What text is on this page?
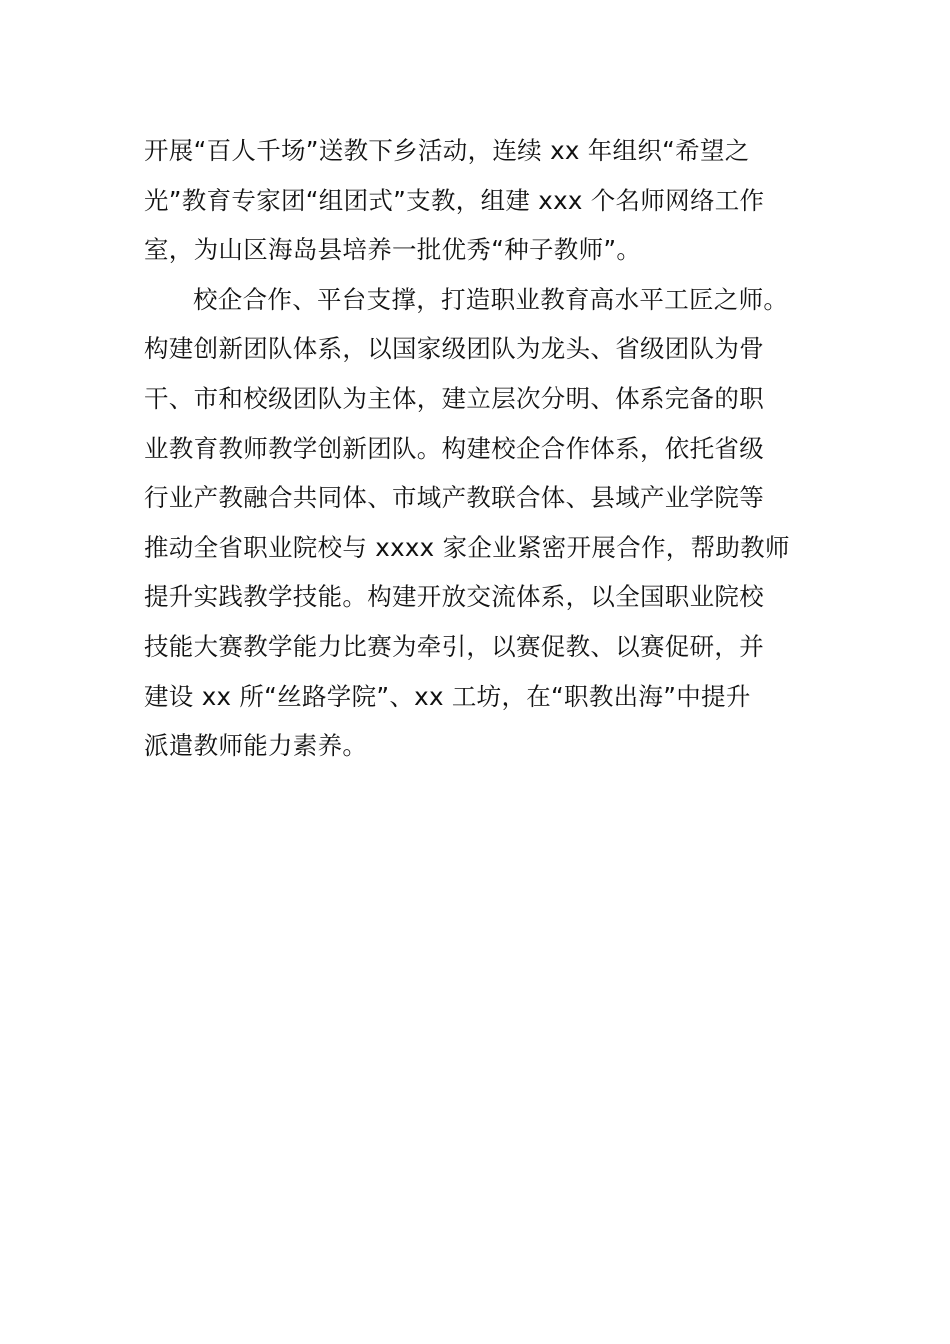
开展“百人千场”送教下乡活动，连续 xx 年组织“希望之
光”教育专家团“组团式”支教，组建 xxx 个名师网络工作
室，为山区海岛县培养一批优秀“种子教师”。
校企合作、平台支撑，打造职业教育高水平工匠之师。
构建创新团队体系，以国家级团队为龙头、省级团队为骨
干、市和校级团队为主体，建立层次分明、体系完备的职
业教育教师教学创新团队。构建校企合作体系，依托省级
行业产教融合共同体、市域产教联合体、县域产业学院等
推动全省职业院校与 xxxx 家企业紧密开展合作，帮助教师
提升实践教学技能。构建开放交流体系，以全国职业院校
技能大赛教学能力比赛为牵引，以赛促教、以赛促研，并
建设 xx 所“丝路学院”、xx 工坊，在“职教出海”中提升
派遣教师能力素养。
